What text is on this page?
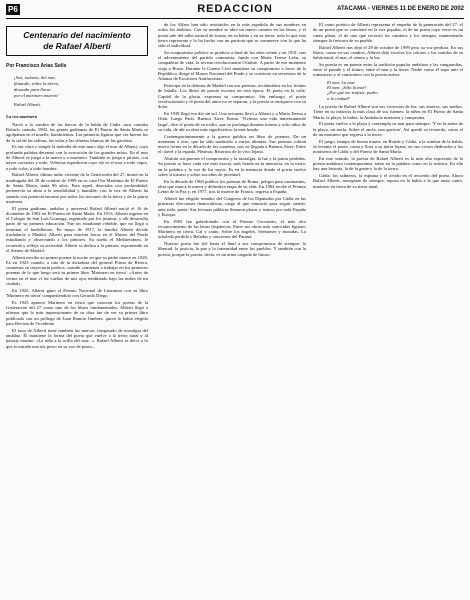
P6	REDACCION	ATACAMA - VIERNES 11 DE ENERO DE 2002
Centenario del nacimiento
de Rafael Alberti
Por Francisco Arias Solís
¡Sisí, todavía, del mar,
flotando, sobre la tierra,
desnuda para llorar
por el marinero muerto!
Rafael Alberti.
La voz marinera

Nació a la sombra de las barcas de la bahía de Cádiz «nos contaba Rafael» cuando, 1902, las gentes gaditanas de El Puerto de Santa María se agolpaban en el muelle, hambrientas. Las primeras figuras que vio fueron los de la sal de las salinas, las velas y las siluetas blancas de las gaviotas.

Es tan clara y simple la melodía de este mar» dijo el mar de Alberti, cuya profunda palabra derramó con la evocación de los grandes mitos. En el mar de Alberti se juega a la marea y a marinero. También se juega a piratas, con naves corsarias y todo. Velerosa expedición cuyo eje es el mar a todo vapor, a todo color, a todo hombre.

Rafael Alberti, último miño viviente de la Generación del 27, murió en la madrugada del 28 de octubre de 1999 en su casa Ora Marítima de El Puerto de Santa María, tenía 96 años. Para aquel, disertaba con profundidad, pertenecía su alma a la sensibilidad y humilde; con la voz de Alberti ha sonado con potencia enorme por todos los rincones de la tierra y de la patria marinera.

El poeta gaditano, andaluz y universal Rafael Alberti nació el 16 de diciembre de 1902 en El Puerto de Santa María. En 1913, Alberti ingresa en el Colegio de San Luis Gonzaga, regentado por los jesuitas, y allí desarrolla parte de su primera educación. Fue un estudiante rebelde, que no llegó a terminar el bachillerato. En mayo de 1917, la familia Alberti decide trasladarse a Madrid. Alberti pasa muchas horas en el Museo del Prado estudiando y observando a los pintores. Su sueño el Mediterráneo, le recuerda y refleja su actividad. Alberti se dedica a la pintura, exponiendo en el Ateneo de Madrid.

Alberti escribe su primer poema la noche en que su padre muere en 1920. Es en 1923 cuando, a raíz de la dictadura del general Primo de Rivera, comienza su trayectoria poética, cuando comienza a trabajar en los primeros poemas de lo que luego será su primer libro 'Marinero en tierra'. «Antes de verme en el mar ví las vueltas de mis ojos temblando bajo las nubes de mi ciudad».

En 1925, Alberti ganó el Premio Nacional de Literatura con su libro 'Marinero en tierra' compartiéndolo con Gerardo Diego.

Es 1925 aparece Marinero en tierra que conocen los poetas de la Generación del 27 como uno de los libros fundamentales. Alberti llegó a afirmar que lo más impresionante de su obra fue de ver su primer libro publicado con un prólogo de Juan Ramón Jiménez, quien lo había elegido para Revista de Occidente.

El tono de Alberti tiene también las marcas, traspasado de nostalgia del andaluz. Él mantiene la forma del poeta que vuelve a la tierra natal y al paisaje marino: «La niña a la orilla del mar...». Rafael Alberti es decir a lo que la mirada una ola preso en su voz de poeta...

de los Alfaro han sido restituidos en la más española de sus nombres en todos los ámbitos. Con su nombre se abre un nuevo camino en las letras, y el poeta sale del taller natural de forma, en su bahía y en su tierra, todo lo que esta tierra representa y lo ha hecho con un patriota que se conmueve con lo que ha sido el individual.

Su compromiso político se produce a final de los años veinte y en 1931, tras el advenimiento del partido comunista, funda con María Teresa León, su compañera de vida, la revista revolucionaria Octubre. A partir de ese momento viaja a Rusia. Durante la Guerra Civil mantiene su compromiso a favor de la República, dirige el Museo Nacional del Prado y se convierte en secretario de la Alianza de Escritores Antifascistas.

Participa en la defensa de Madrid con sus poemas, recitándolos en los frentes de batalla. Los libros de poesía escritos en esta época, El poeta en la calle, Capital de la gloria, expresan su compromiso. Sin embargo, el poeta revolucionario y el poeta del amor no se separan, y la poesía se enriquece con su dolor.

En 1939 llegó ese día sin sol. Una avioneta llevó a Alberti y a María Teresa a Orán. Luego París, Buenos Aires, Roma. 'Vivimos una vida inmensamente larga', dice el poeta de su exilio, que se prolonga durante treinta y ocho años de su vida, de ahí su obra más significativa, la más honda.

Contemporáneamente a la guerra publica un libro de poemas, De un momento a otro, que ha sido traducido a varios idiomas. Sus poemas cobran nueva forma en la década de los cuarenta, tras su llegada a Buenos Aires: Entre el clavel y la espada, Pleamar, Retornos de lo vivo lejano.

Abrirán sus puertas el compromiso y la nostalgia, la luz y la patria perdidas. Su poesía se hace cada vez más exacta, más honda en la memoria, en la tierra, en la palabra y la voz de los suyos. Es en la memoria donde el poeta vuelve sobre sí mismo y sobre sus años de juventud.

En la década de 1960 publica los poemas de Roma, peligro para caminantes, obra que marca la nueva y definitiva etapa de su vida. En 1964 recibe el Premio Lenin de la Paz y, en 1977, tras la muerte de Franco, regresa a España.

Alberti fue elegido senador del Congreso de los Diputados por Cádiz en las primeras elecciones democráticas, cargo al que renunció para seguir siendo, ante todo, poeta. Sus lecturas públicas llenaron plazas y teatros por toda España y Europa.

En 1983 fue galardonado con el Premio Cervantes, el más alto reconocimiento de las letras hispánicas. Entre sus obras más conocidas figuran: Marinero en tierra, Cal y canto, Sobre los ángeles, Sermones y moradas, La arboleda perdida y Baladas y canciones del Paraná.

Nuestro poeta fue fiel hasta el final a sus compromisos de siempre: la libertad, la justicia, la paz y la fraternidad entre los pueblos. Y también con la poesía, porque la poesía, decía, es un arma cargada de futuro.

El canto poético de Alberti representa el empeño de la generación del 27: el de un poeta que se convierte en la voz popular, el de un poeta cuyo verso es un canto pleno, el de uno que recorrió los caminos y los tiempos, manteniendo siempre la frescura de su pueblo.

Rafael Alberti nos dejó el 28 de octubre de 1999 pero su voz perdura. En sus libros, como en sus cuadros, Alberti dejó escritos los colores y los sonidos de su bahía natal, el mar, el viento y la luz.

Su poesía es un puente entre la tradición popular andaluza y las vanguardias, entre el pasado y el futuro, entre el mar y la tierra. Nadie como él supo unir el romancero y el cancionero con la poesía nueva.

El mar. La mar.
El mar. ¡Sólo la mar!
¿Por qué me trajiste, padre,
a la ciudad?

La poesía de Rafael Alberti son sus vivencias de luz, sus amores, sus sueños. Tiene en su infancia la más clara de sus fuentes: la niñez en El Puerto de Santa María, la playa, la bahía, la Andalucía marinera y campesina.

El poeta vuelve a la playa y contempla su mar para siempre. 'Y en la arena de la playa, un ancla. Sobre el ancla, una gaviota'. Así quedó su recuerdo, como el de un marinero que regresa a la tierra.

El juego, tiempo de buena marea, en Ronda y Cádiz, a la sombra de la bahía, se levanta el poeta, canta y llora a su tierra lejana, en sus versos dedicados a los marineros de Cádiz y del Puerto de Santa María.

En este sentido, la poesía de Rafael Alberti es la más alta expresión de la poesía andaluza contemporánea, tanto en la palabra como en la música. En ella hay una historia, la de la gente y la de la tierra.

Cádiz, los salineros, la espuma y el olvido en el recuerdo del poeta. Ahora Rafael Alberti, navegante de siempre, reposa en la bahía a la que tanto cantó, marinero en tierra de su tierra natal.
